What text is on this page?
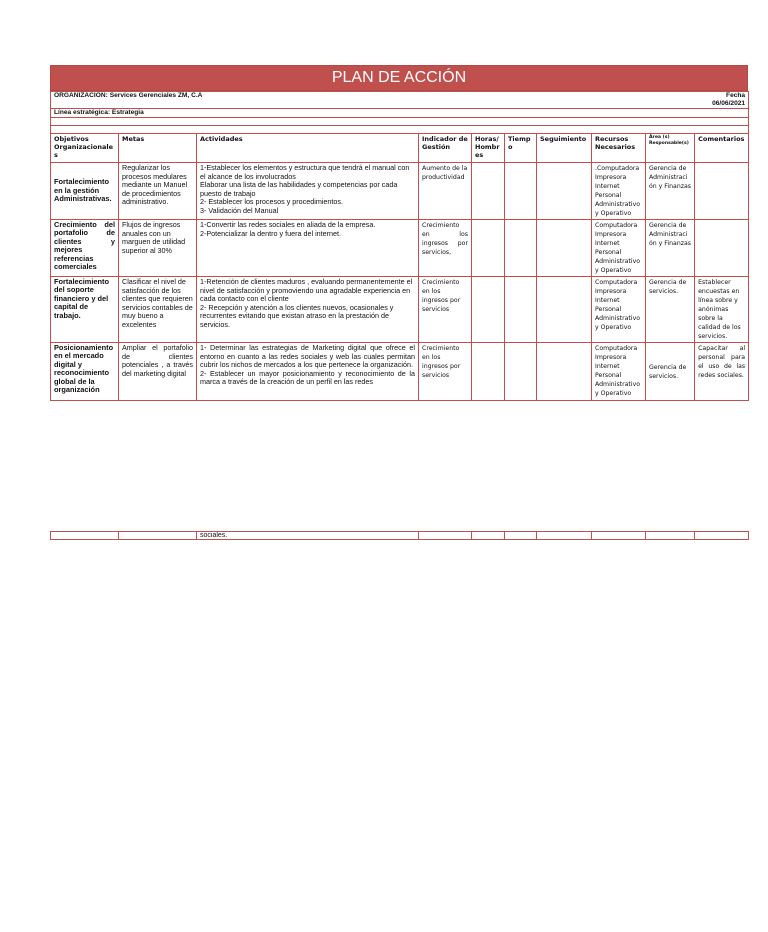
PLAN DE ACCIÓN
ORGANIZACIÓN: Services Gerenciales ZM, C.A									Fecha 06/06/2021
Línea estratégica: Estrategia									

Objetivos Organizacionales	Metas	Actividades	Indicador de Gestión	Horas/ Hombr es	Tiempo	Seguimiento	Recursos Necesarios	Área (s) Responsable(s)	Comentarios
Fortalecimiento en la gestión Administrativas.	Regularizar los procesos medulares mediante un Manuel de procedimientos administrativo.	1-Establecer los elementos y estructura que tendrá el manual con el alcance de los involucrados
Elaborar una lista de las habilidades y competencias por cada puesto de trabajo
2- Establecer los procesos y procedimientos.
3- Validación del Manual	Aumento de la productividad				.Computadora Impresora Internet Personal Administrativo y Operativo	Gerencia de Administración y Finanzas	
Crecimiento del portafolio de clientes y mejores referencias comerciales	Flujos de ingresos anuales con un marguen de utilidad superior al 30%	1-Convertir las redes sociales en aliada de la empresa.
2-Potencializar la dentro y fuera del internet.	Crecimiento en los ingresos por servicios,				Computadora Impresora Internet Personal Administrativo y Operativo	Gerencia de Administración y Finanzas	
Fortalecimiento del soporte financiero y del capital de trabajo.	Clasificar el nivel de satisfacción de los clientes que requieren servicios contables de muy bueno a excelentes	1-Retención de clientes maduros , evaluando permanentemente el nivel de satisfacción y promoviendo una agradable experiencia en cada contacto con el cliente
2- Recepción y atención a los clientes nuevos, ocasionales y recurrentes evitando que existan atraso en la prestación de servicios.	Crecimiento en los ingresos por servicios				Computadora Impresora Internet Personal Administrativo y Operativo	Gerencia de servicios.	Establecer encuestas en línea sobre y anónimas sobre la calidad de los servicios.
Posicionamiento en el mercado digital y reconocimiento global de la organización	Ampliar el portafolio de clientes potenciales , a través del marketing digital	1- Determinar las estrategias de Marketing digital que ofrece el entorno en cuanto a las redes sociales y web las cuales permitan cubrir los nichos de mercados a los que pertenece la organización.
2- Establecer un mayor posicionamiento y reconocimiento de la marca a través de la creación de un perfil en las redes	Crecimiento en los ingresos por servicios				Computadora Impresora Internet Personal Administrativo y Operativo	Gerencia de servicios.	Capacitar al personal para el uso de las redes sociales.
		sociales.							
